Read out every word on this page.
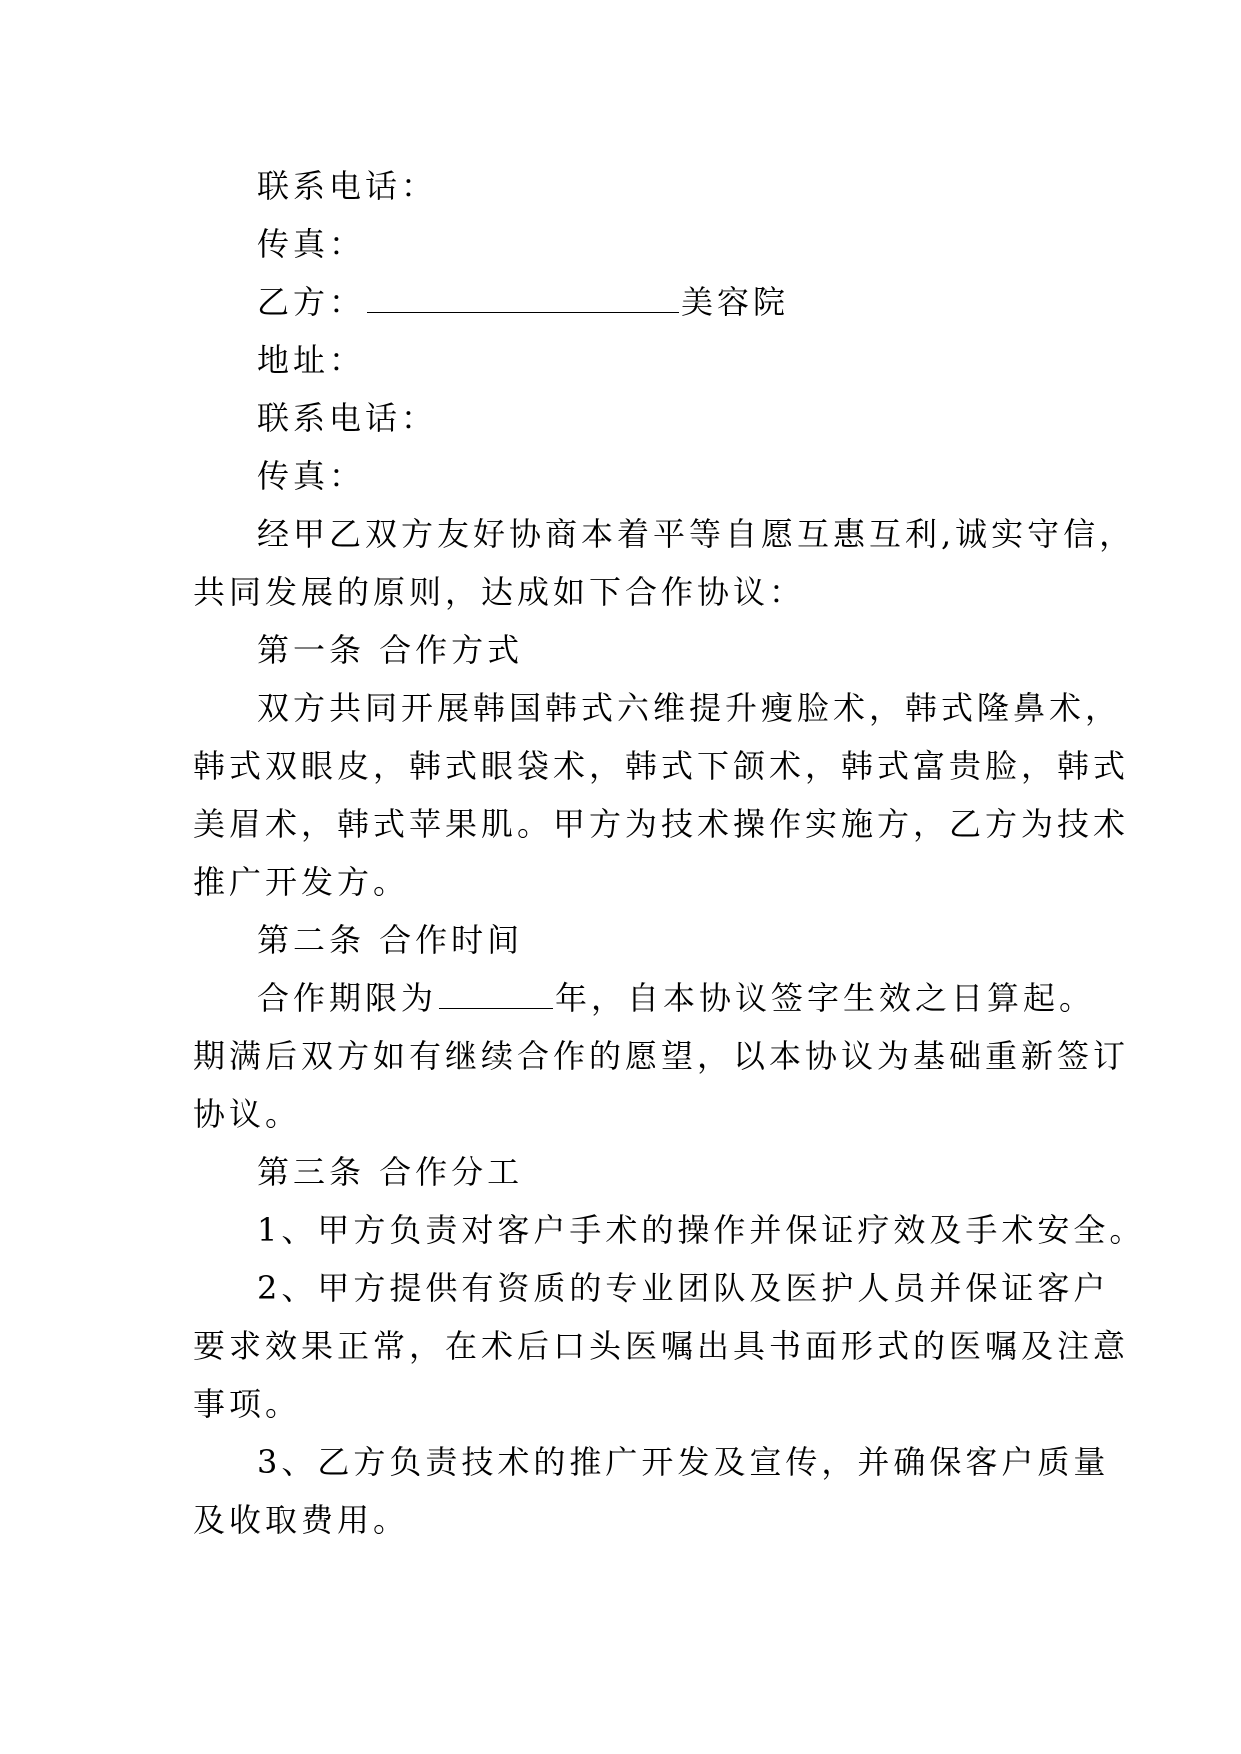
联系电话：
传真：
乙方：	美容院
地址：
联系电话：
传真：
经甲乙双方友好协商本着平等自愿互惠互利,诚实守信，
共同发展的原则，达成如下合作协议：
第一条 合作方式
双方共同开展韩国韩式六维提升瘦脸术，韩式隆鼻术，
韩式双眼皮，韩式眼袋术，韩式下颌术，韩式富贵脸，韩式
美眉术，韩式苹果肌。甲方为技术操作实施方，乙方为技术
推广开发方。
第二条 合作时间
合作期限为	年，自本协议签字生效之日算起。
期满后双方如有继续合作的愿望，以本协议为基础重新签订
协议。
第三条 合作分工
1、甲方负责对客户手术的操作并保证疗效及手术安全。
2、甲方提供有资质的专业团队及医护人员并保证客户
要求效果正常，在术后口头医嘱出具书面形式的医嘱及注意
事项。
3、乙方负责技术的推广开发及宣传，并确保客户质量
及收取费用。
